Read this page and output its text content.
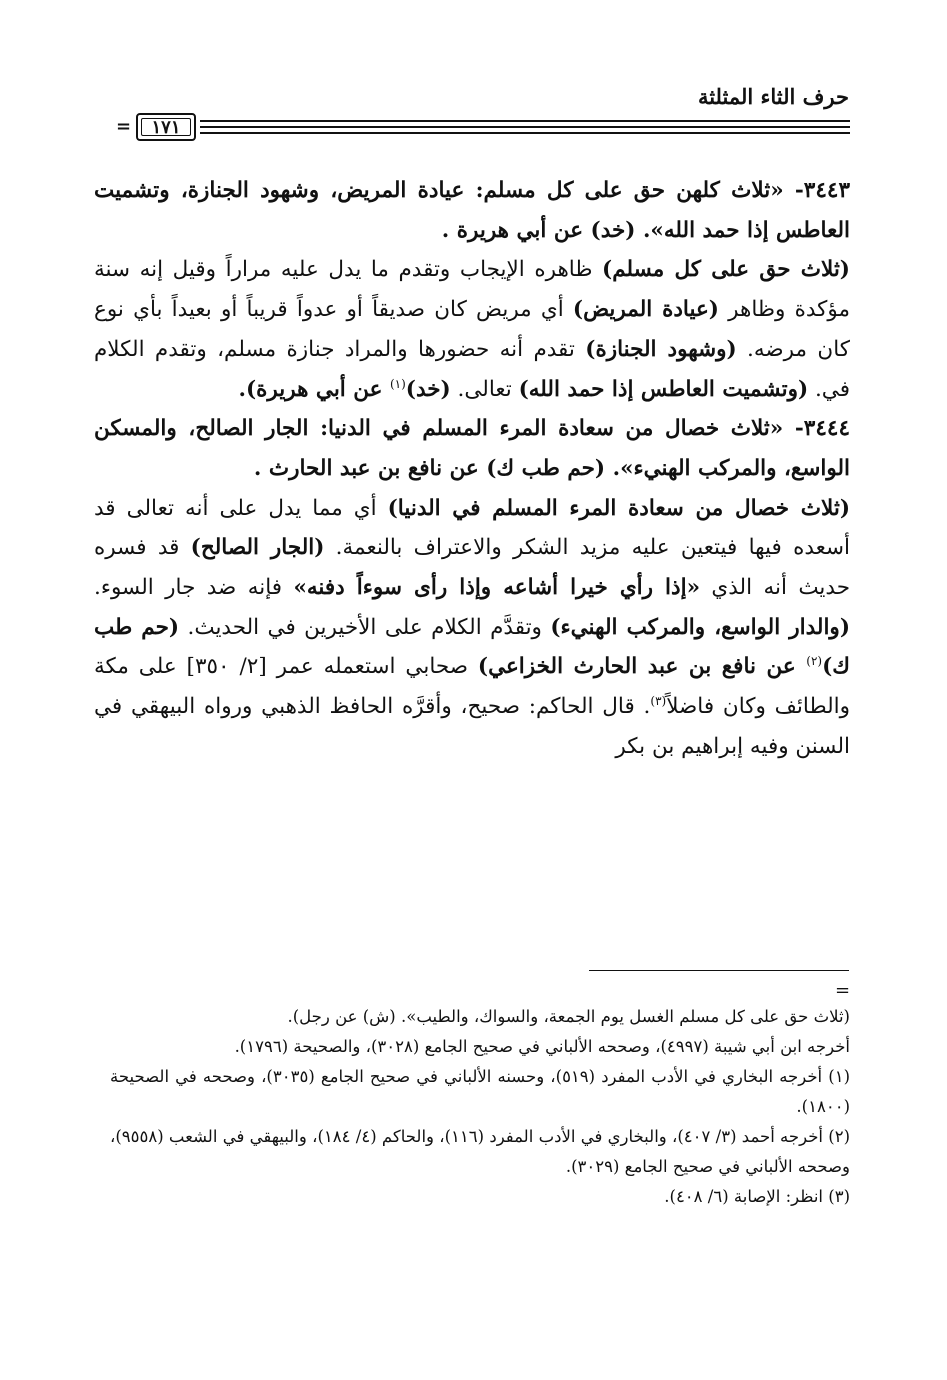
حرف الثاء المثلثة
= ١٧١

٣٤٤٣- «ثلاث كلهن حق على كل مسلم: عيادة المريض، وشهود الجنازة، وتشميت العاطس إذا حمد الله». (خد) عن أبي هريرة .

(ثلاث حق على كل مسلم) ظاهره الإيجاب وتقدم ما يدل عليه مراراً وقيل إنه سنة مؤكدة وظاهر (عيادة المريض) أي مريض كان صديقاً أو عدواً قريباً أو بعيداً بأي نوع كان مرضه. (وشهود الجنازة) تقدم أنه حضورها والمراد جنازة مسلم، وتقدم الكلام في. (وتشميت العاطس إذا حمد الله) تعالى. (خد)$^{(١)}$ عن أبي هريرة).

٣٤٤٤- «ثلاث خصال من سعادة المرء المسلم في الدنيا: الجار الصالح، والمسكن الواسع، والمركب الهنيء». (حم طب ك) عن نافع بن عبد الحارث .

(ثلاث خصال من سعادة المرء المسلم في الدنيا) أي مما يدل على أنه تعالى قد أسعده فيها فيتعين عليه مزيد الشكر والاعتراف بالنعمة. (الجار الصالح) قد فسره حديث أنه الذي «إذا رأي خيرا أشاعه وإذا رأى سوءاً دفنه» فإنه ضد جار السوء. (والدار الواسع، والمركب الهنيء) وتقدَّم الكلام على الأخيرين في الحديث. (حم طب ك)$^{(٢)}$ عن نافع بن عبد الحارث الخزاعي) صحابي استعمله عمر [٢/ ٣٥٠] على مكة والطائف وكان فاضلاً$^{(٣)}$. قال الحاكم: صحيح، وأقرَّه الحافظ الذهبي ورواه البيهقي في السنن وفيه إبراهيم بن بكر

=

(ثلاث حق على كل مسلم الغسل يوم الجمعة، والسواك، والطيب». (ش) عن رجل).

أخرجه ابن أبي شيبة (٤٩٩٧)، وصححه الألباني في صحيح الجامع (٣٠٢٨)، والصحيحة (١٧٩٦).

(١) أخرجه البخاري في الأدب المفرد (٥١٩)، وحسنه الألباني في صحيح الجامع (٣٠٣٥)، وصححه في الصحيحة (١٨٠٠).

(٢) أخرجه أحمد (٣/ ٤٠٧)، والبخاري في الأدب المفرد (١١٦)، والحاكم (٤/ ١٨٤)، والبيهقي في الشعب (٩٥٥٨)، وصححه الألباني في صحيح الجامع (٣٠٢٩).

(٣) انظر: الإصابة (٦/ ٤٠٨).
